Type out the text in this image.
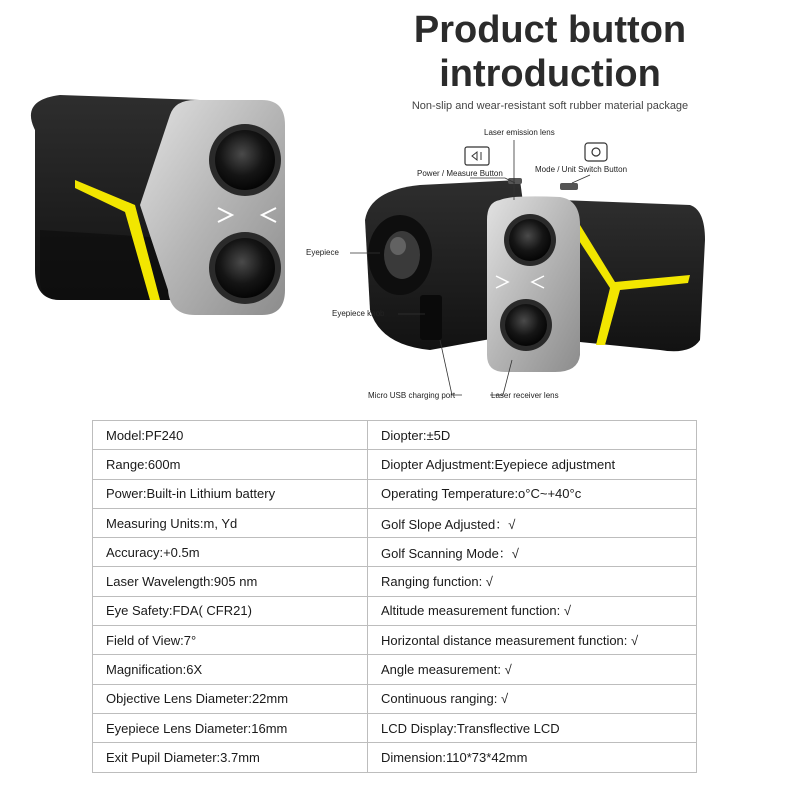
Product button
introduction
Non-slip and wear-resistant soft rubber material package
Laser emission lens
Power / Measure Button	Mode / Unit Switch Button
Eyepiece
Eyepiece knob
Micro USB charging port	Laser receiver lens
Model:PF240	Diopter:±5D
Range:600m	Diopter Adjustment:Eyepiece adjustment
Power:Built-in Lithium battery	Operating Temperature:o°C~+40°c
Measuring Units:m, Yd	Golf Slope Adjusted：√
Accuracy:+0.5m	Golf Scanning Mode：√
Laser Wavelength:905 nm	Ranging function: √
Eye Safety:FDA( CFR21)	Altitude measurement function: √
Field of View:7°	Horizontal distance measurement function: √
Magnification:6X	Angle measurement: √
Objective Lens Diameter:22mm	Continuous ranging: √
Eyepiece Lens Diameter:16mm	LCD Display:Transflective LCD
Exit Pupil Diameter:3.7mm	Dimension:110*73*42mm
